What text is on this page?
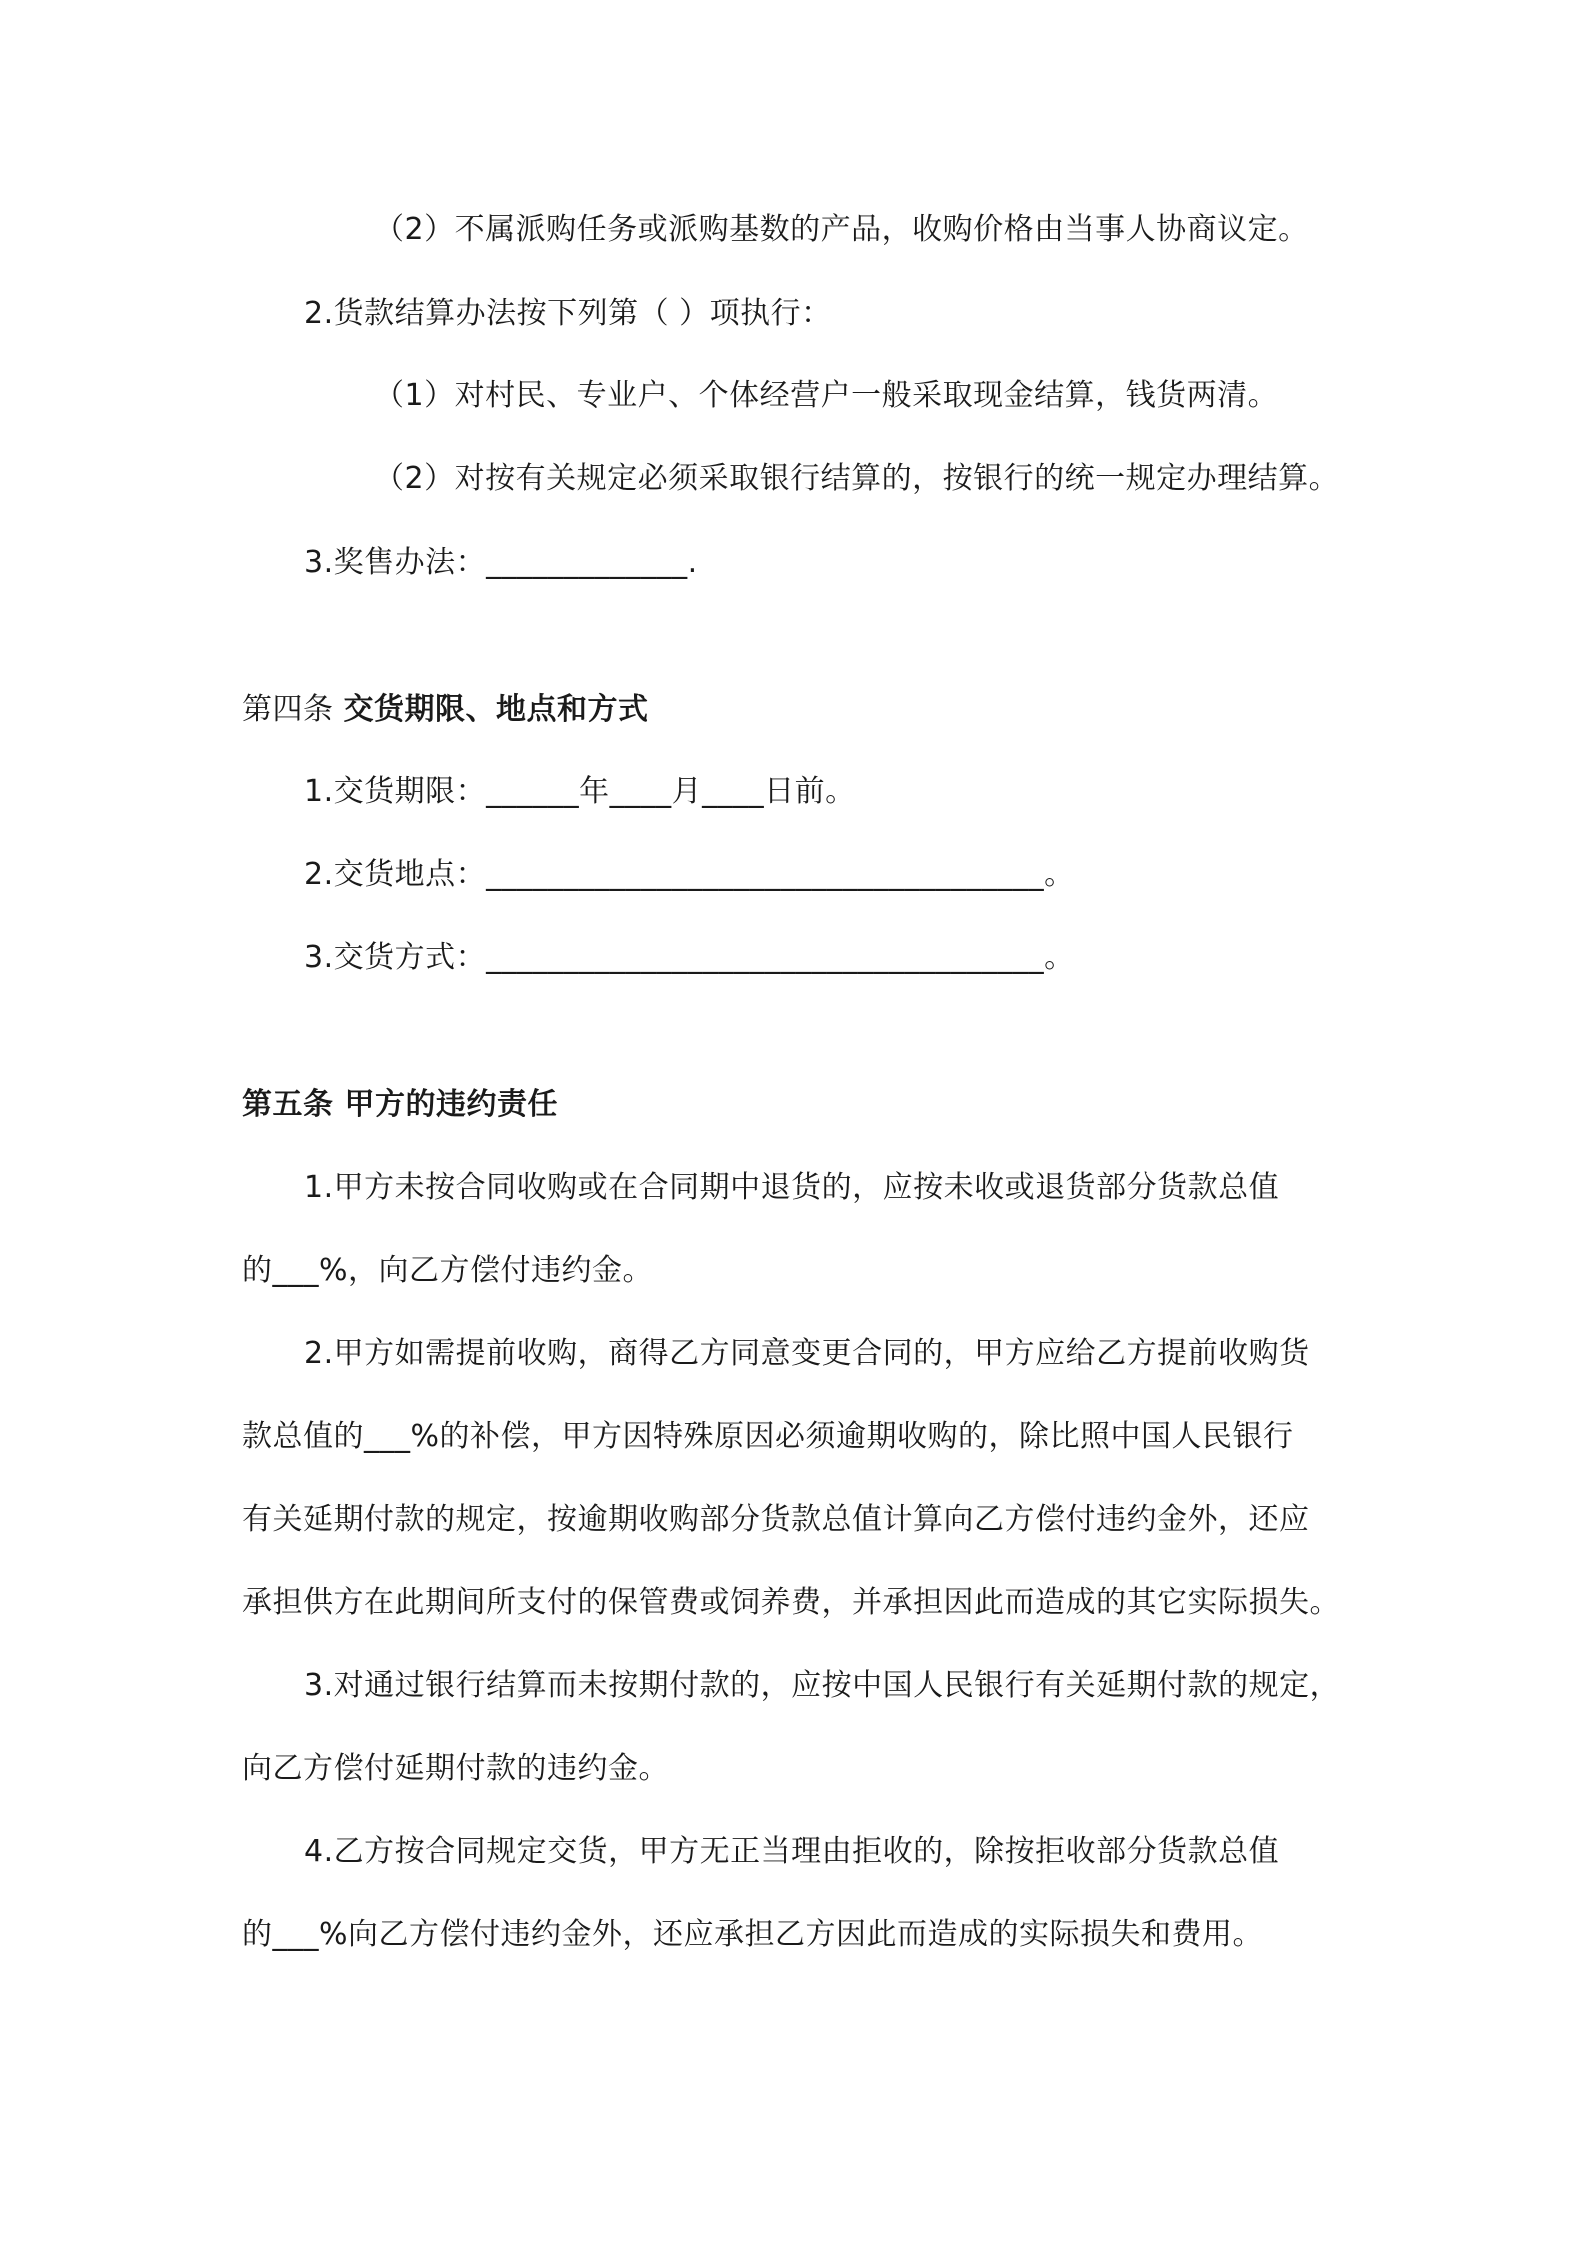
（2）不属派购任务或派购基数的产品，收购价格由当事人协商议定。
2.货款结算办法按下列第（ ）项执行：
（1）对村民、专业户、个体经营户一般采取现金结算，钱货两清。
（2）对按有关规定必须采取银行结算的，按银行的统一规定办理结算。
3.奖售办法：_____________.
第四条 交货期限、地点和方式
1.交货期限：______年____月____日前。
2.交货地点：____________________________________。
3.交货方式：____________________________________。
第五条 甲方的违约责任
1.甲方未按合同收购或在合同期中退货的，应按未收或退货部分货款总值
的___%，向乙方偿付违约金。
2.甲方如需提前收购，商得乙方同意变更合同的，甲方应给乙方提前收购货
款总值的___%的补偿，甲方因特殊原因必须逾期收购的，除比照中国人民银行
有关延期付款的规定，按逾期收购部分货款总值计算向乙方偿付违约金外，还应
承担供方在此期间所支付的保管费或饲养费，并承担因此而造成的其它实际损失。
3.对通过银行结算而未按期付款的，应按中国人民银行有关延期付款的规定，
向乙方偿付延期付款的违约金。
4.乙方按合同规定交货，甲方无正当理由拒收的，除按拒收部分货款总值
的___%向乙方偿付违约金外，还应承担乙方因此而造成的实际损失和费用。
